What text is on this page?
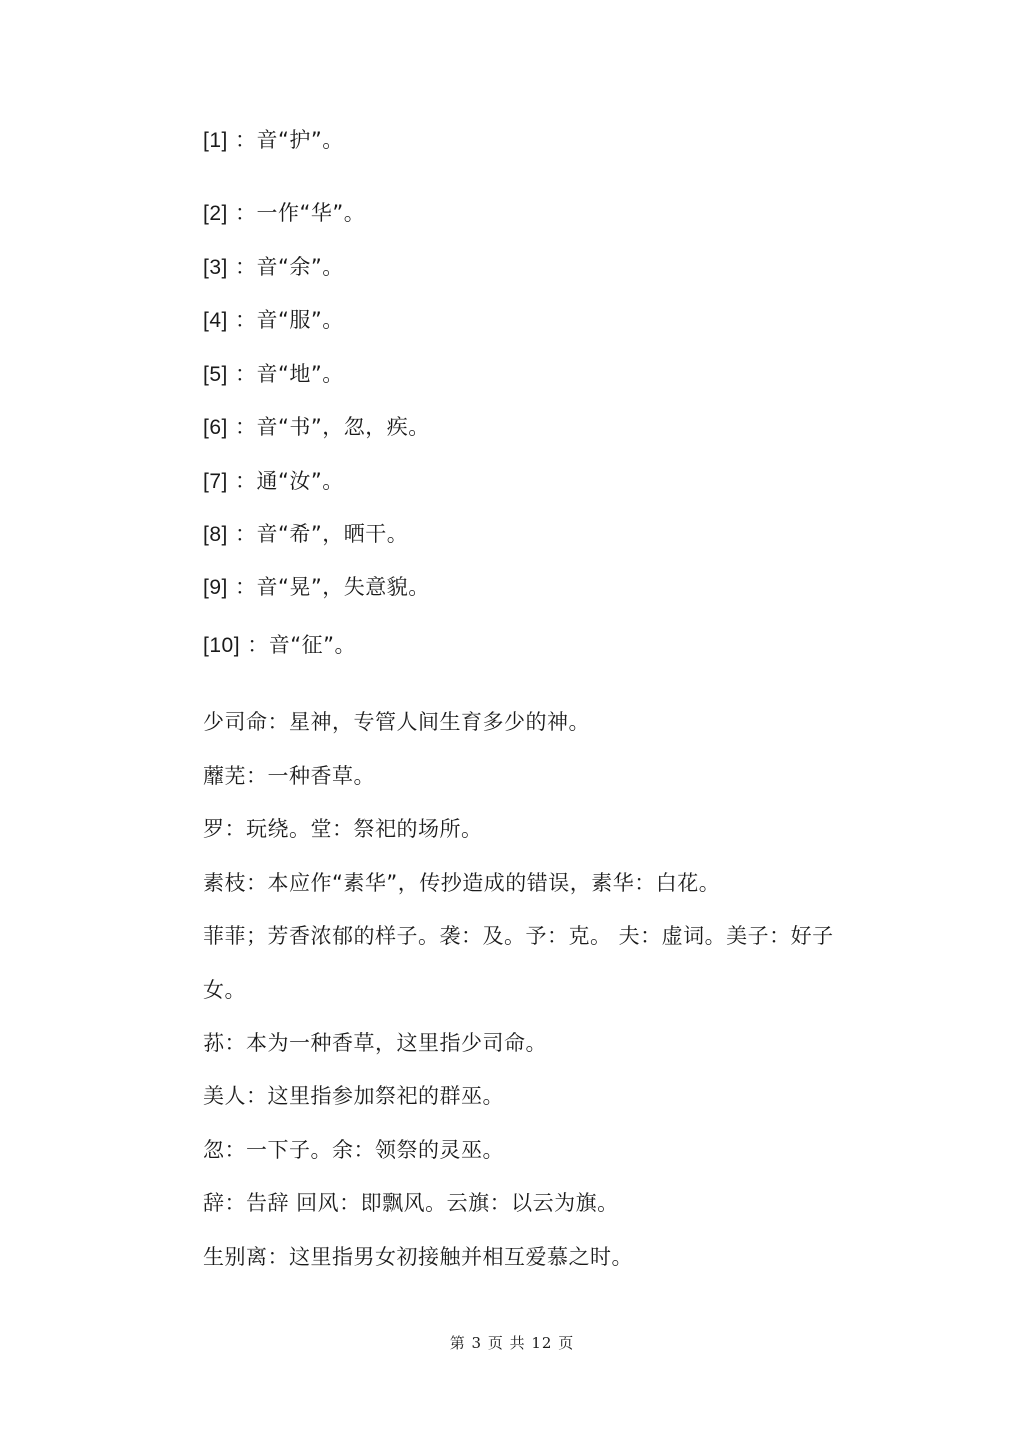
[1] ：音“护”。
[2] ：一作“华”。
[3] ：音“余”。
[4] ：音“服”。
[5] ：音“地”。
[6] ：音“书”，忽，疾。
[7] ：通“汝”。
[8] ：音“希”，晒干。
[9] ：音“晃”，失意貌。
[10] ：音“征”。
少司命：星神，专管人间生育多少的神。
蘼芜：一种香草。
罗：玩绕。堂：祭祀的场所。
素枝：本应作“素华”，传抄造成的错误，素华：白花。
菲菲；芳香浓郁的样子。袭：及。予：克。 夫：虚词。美子：好子
女。
荪：本为一种香草，这里指少司命。
美人：这里指参加祭祀的群巫。
忽：一下子。余：领祭的灵巫。
辞：告辞 回风：即飘风。云旗：以云为旗。
生别离：这里指男女初接触并相互爱慕之时。
第 3 页 共 12 页
